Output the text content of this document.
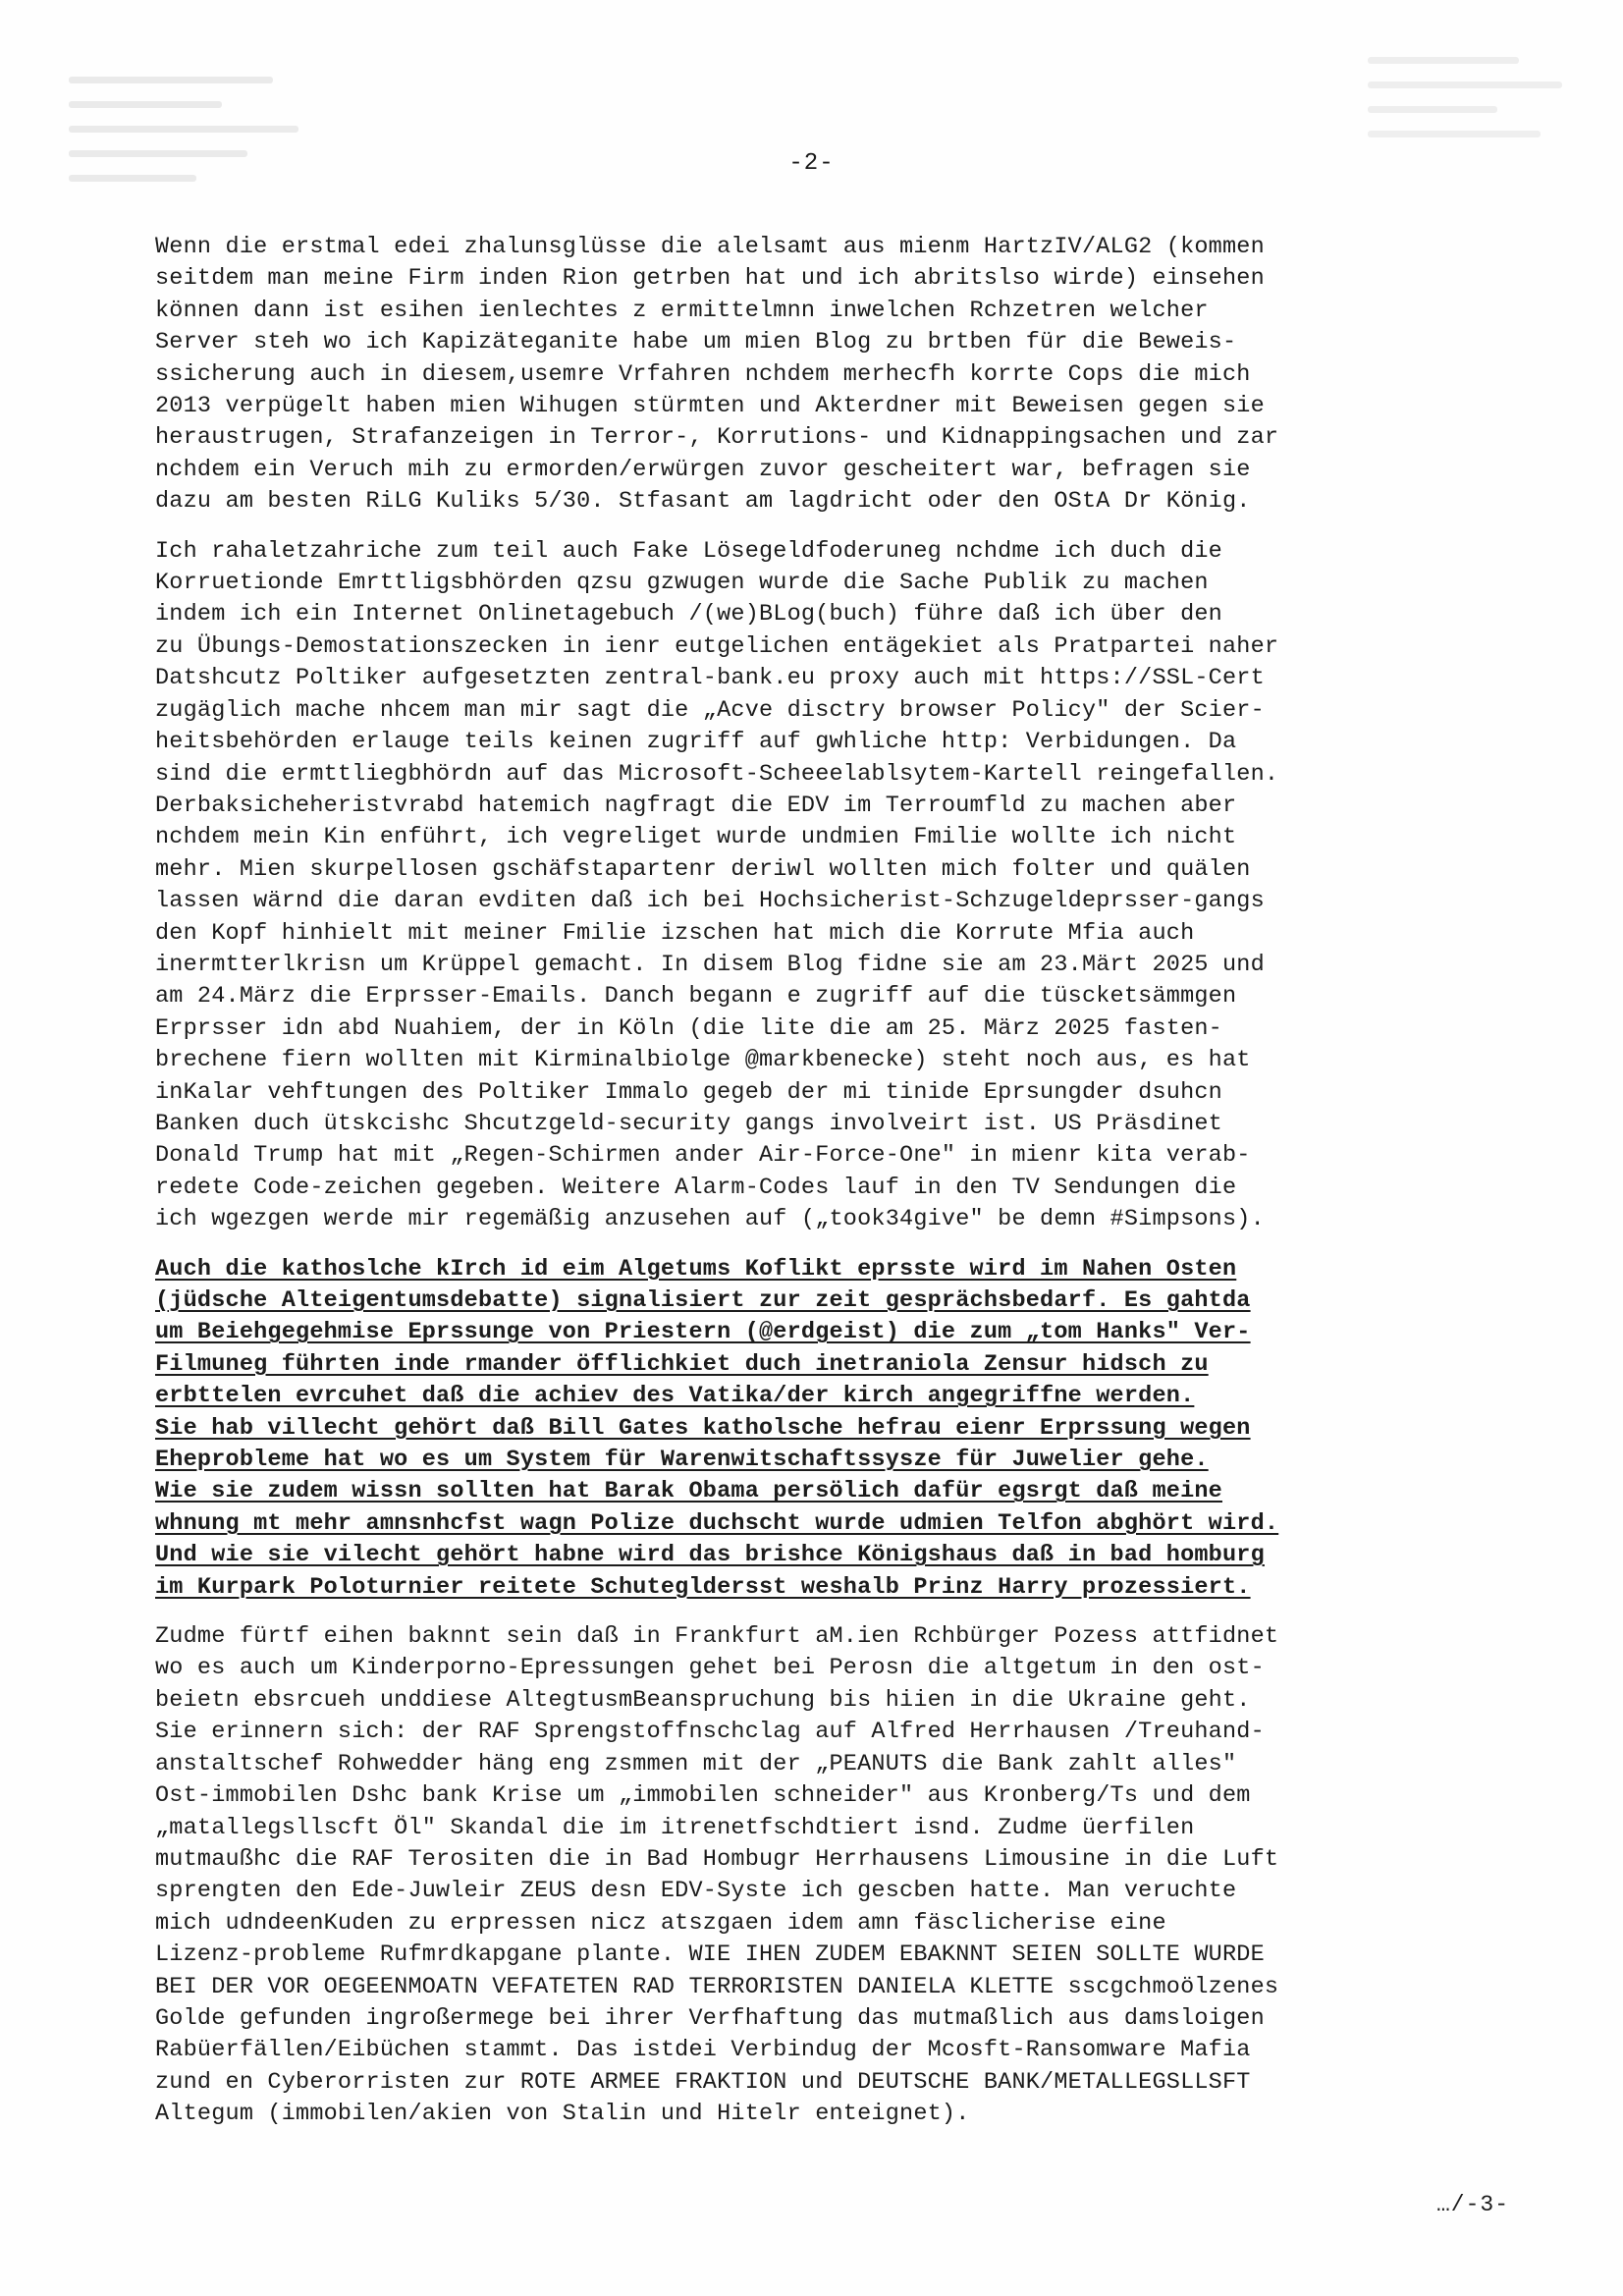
-2-
Wenn die erstmal edei zhalunsglüsse die alelsamt aus mienm HartzIV/ALG2 (kommen
seitdem man meine Firm inden Rion getrben hat und ich abritslso wirde) einsehen
können dann ist esihen ienlechtes z ermittelmnn inwelchen Rchzetren welcher
Server steh wo ich Kapizäteganite habe um mien Blog zu brtben für die Beweis-
ssicherung auch in diesem,usemre Vrfahren nchdem merhecfh korrte Cops die mich
2013 verpügelt haben mien Wihugen stürmten und Akterdner mit Beweisen gegen sie
heraustrugen, Strafanzeigen in Terror-, Korrutions- und Kidnappingsachen und zar
nchdem ein Veruch mih zu ermorden/erwürgen zuvor gescheitert war, befragen sie
dazu am besten RiLG Kuliks 5/30. Stfasant am lagdricht oder den OStA Dr König.
Ich rahaletzahriche zum teil auch Fake Lösegeldfoderuneg nchdme ich duch die
Korruetionde Emrttligsbhörden qzsu gzwugen wurde die Sache Publik zu machen
indem ich ein Internet Onlinetagebuch /(we)BLog(buch) führe daß ich über den
zu Übungs-Demostationszecken in ienr eutgelichen entägekiet als Pratpartei naher
Datshcutz Poltiker aufgesetzten zentral-bank.eu proxy auch mit https://SSL-Cert
zugäglich mache nhcem man mir sagt die „Acve disctry browser Policy" der Scier-
heitsbehörden erlauge teils keinen zugriff auf gwhliche http: Verbidungen. Da
sind die ermttliegbhördn auf das Microsoft-Scheeelablsytem-Kartell reingefallen.
Derbaksicheheristvrabd hatemich nagfragt die EDV im Terroumfld zu machen aber
nchdem mein Kin enführt, ich vegreliget wurde undmien Fmilie wollte ich nicht
mehr. Mien skurpellosen gschäfstapartenr deriwl wollten mich folter und quälen
lassen wärnd die daran evditen daß ich bei Hochsicherist-Schzugeldeprsser-gangs
den Kopf hinhielt mit meiner Fmilie izschen hat mich die Korrute Mfia auch
inermtterlkrisn um Krüppel gemacht. In disem Blog fidne sie am 23.Märt 2025 und
am 24.März die Erprsser-Emails. Danch begann e zugriff auf die tüscketsämmgen
Erprsser idn abd Nuahiem, der in Köln (die lite die am 25. März 2025 fasten-
brechene fiern wollten mit Kirminalbiolge @markbenecke) steht noch aus, es hat
inKalar vehftungen des Poltiker Immalo gegeb der mi tinide Eprsungder dsuhcn
Banken duch ütskcishc Shcutzgeld-security gangs involveirt ist. US Präsdinet
Donald Trump hat mit „Regen-Schirmen ander Air-Force-One" in mienr kita verab-
redete Code-zeichen gegeben. Weitere Alarm-Codes lauf in den TV Sendungen die
ich wgezgen werde mir regemäßig anzusehen auf („took34give" be demn #Simpsons).
Auch die kathoslche kIrch id eim Algetums Koflikt eprsste wird im Nahen Osten
(jüdsche Alteigentumsdebatte) signalisiert zur zeit gesprächsbedarf. Es gahtda
um Beiehgegehmise Eprssunge von Priestern (@erdgeist) die zum „tom Hanks" Ver-
Filmuneg führten inde rmander öfflichkiet duch inetraniola Zensur hidsch zu
erbttelen evrcuhet daß die achiev des Vatika/der kirch angegriffne werden.
Sie hab villecht gehört daß Bill Gates katholsche hefrau eienr Erprssung wegen
Eheprobleme hat wo es um System für Warenwitschaftssysze für Juwelier gehe.
Wie sie zudem wissn sollten hat Barak Obama persölich dafür egsrgt daß meine
whnung mt mehr amnsnhcfst wagn Polize duchscht wurde udmien Telfon abghört wird.
Und wie sie vilecht gehört habne wird das brishce Königshaus daß in bad homburg
im Kurpark Poloturnier reitete Schutegldersst weshalb Prinz Harry prozessiert.
Zudme fürtf eihen baknnt sein daß in Frankfurt aM.ien Rchbürger Pozess attfidnet
wo es auch um Kinderporno-Epressungen gehet bei Perosn die altgetum in den ost-
beietn ebsrcueh unddiese AltegtusmBeanspruchung bis hiien in die Ukraine geht.
Sie erinnern sich: der RAF Sprengstoffnschclag auf Alfred Herrhausen /Treuhand-
anstaltschef Rohwedder häng eng zsmmen mit der „PEANUTS die Bank zahlt alles"
Ost-immobilen Dshc bank Krise um „immobilen schneider" aus Kronberg/Ts und dem
„matallegsllscft Öl" Skandal die im itrenetfschdtiert isnd. Zudme üerfilen
mutmaußhc die RAF Terositen die in Bad Hombugr Herrhausens Limousine in die Luft
sprengten den Ede-Juwleir ZEUS desn EDV-Syste ich gescben hatte. Man veruchte
mich udndeenKuden zu erpressen nicz atszgaen idem amn fäsclicherise eine
Lizenz-probleme Rufmrdkapgane plante. WIE IHEN ZUDEM EBAKNNT SEIEN SOLLTE WURDE
BEI DER VOR OEGEENMOATN VEFATETEN RAD TERRORISTEN DANIELA KLETTE sscgchmoölzenes
Golde gefunden ingroßermege bei ihrer Verfhaftung das mutmaßlich aus damsloigen
Rabüerfällen/Eibüchen stammt. Das istdei Verbindug der Mcosft-Ransomware Mafia
zund en Cyberorristen zur ROTE ARMEE FRAKTION und DEUTSCHE BANK/METALLEGSLLSFT
Altegum (immobilen/akien von Stalin und Hitelr enteignet).
…/-3-
